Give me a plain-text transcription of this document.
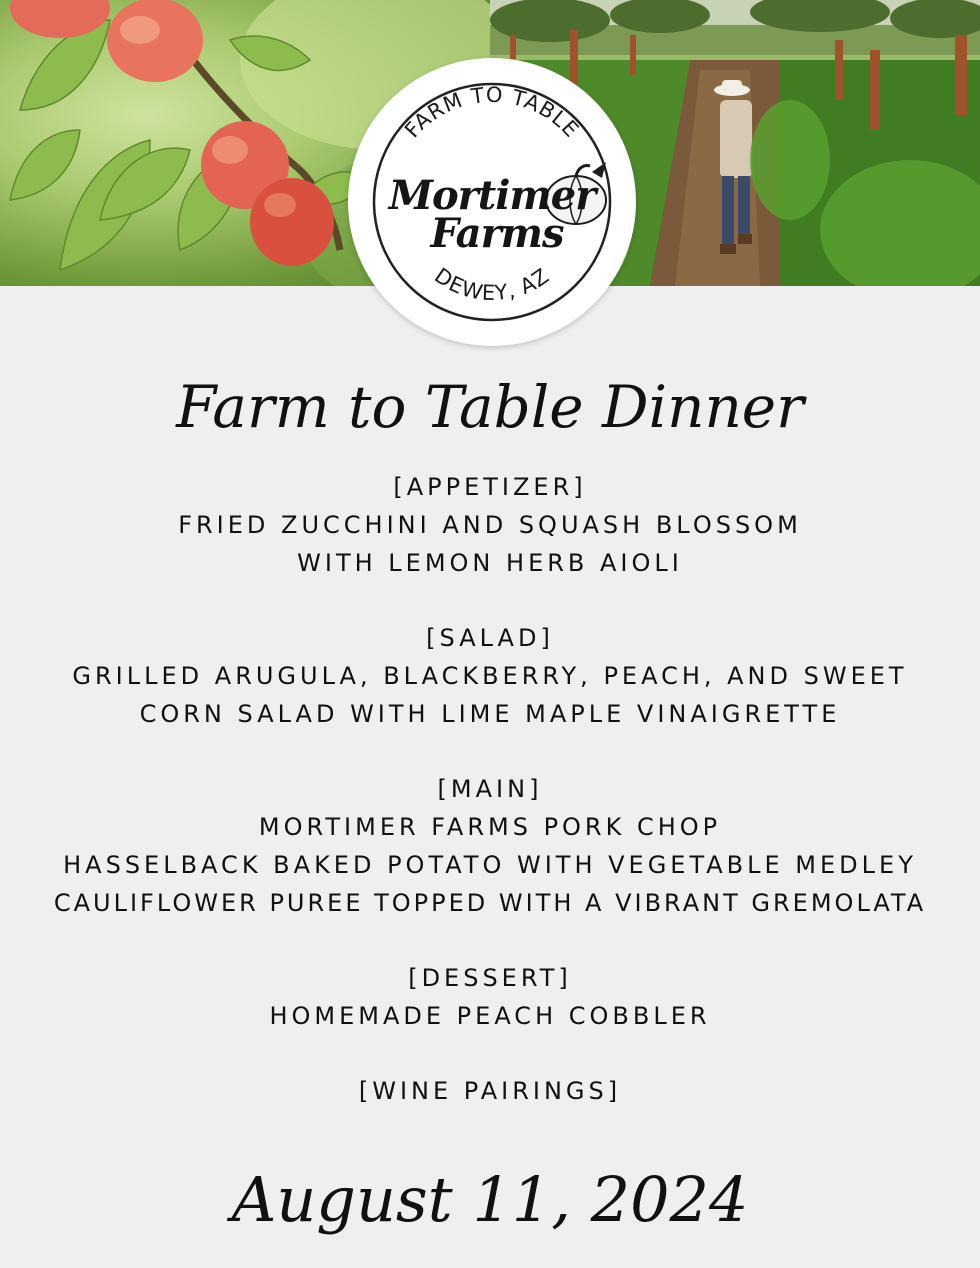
FARM TO TABLE
DEWEY, AZ
Mortimer
Farms
Farm to Table Dinner
[APPETIZER]
FRIED ZUCCHINI AND SQUASH BLOSSOM
WITH LEMON HERB AIOLI
[SALAD]
GRILLED ARUGULA, BLACKBERRY, PEACH, AND SWEET
CORN SALAD WITH LIME MAPLE VINAIGRETTE
[MAIN]
MORTIMER FARMS PORK CHOP
HASSELBACK BAKED POTATO WITH VEGETABLE MEDLEY
CAULIFLOWER PUREE TOPPED WITH A VIBRANT GREMOLATA
[DESSERT]
HOMEMADE PEACH COBBLER
[WINE PAIRINGS]
August 11, 2024
